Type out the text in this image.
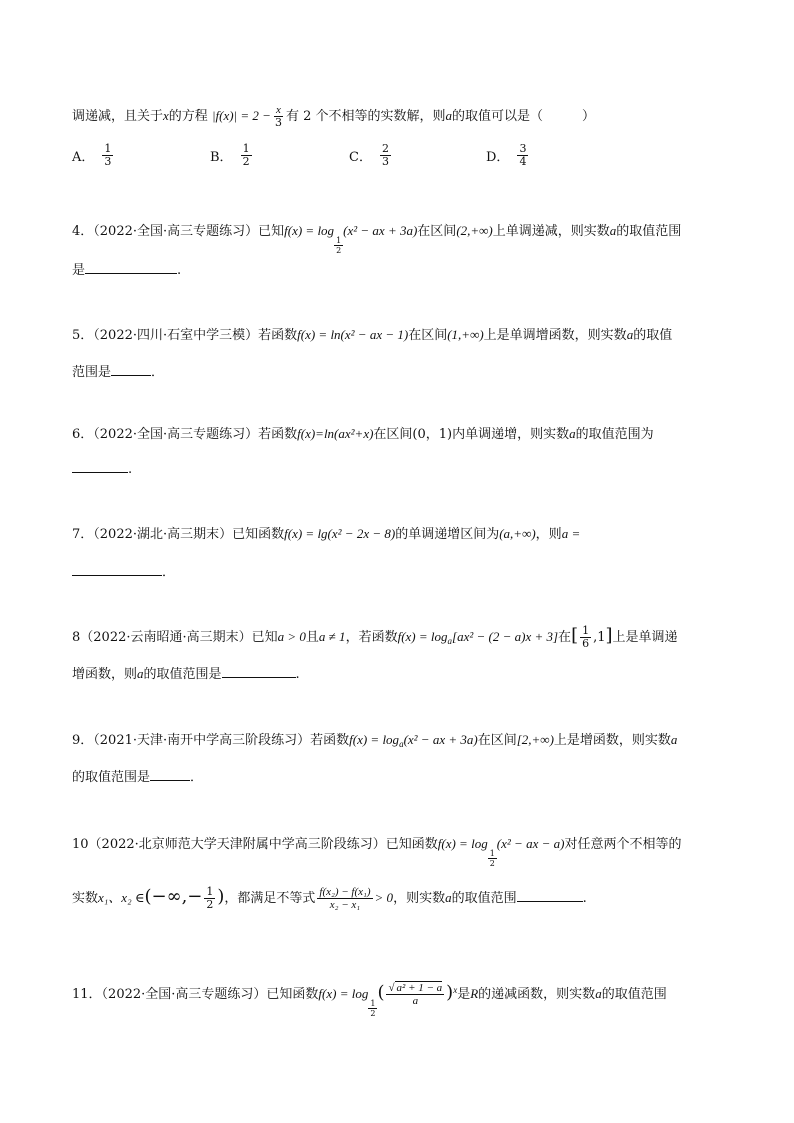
调递减，且关于x的方程 $|f(x)| = 2 - \frac{x}{3}$ 有 2 个不相等的实数解，则a的取值可以是（　　　）
A． $\frac{1}{3}$	B． $\frac{1}{2}$	C． $\frac{2}{3}$	D． $\frac{3}{4}$
4．（2022·全国·高三专题练习）已知f(x) = log
$\frac{1}{2}$
(x² − ax + 3a)在区间(2,+∞)上单调递减，则实数a的取值范围
是	.
5．（2022·四川·石室中学三模）若函数f(x) = ln(x² − ax − 1)在区间(1,+∞)上是单调增函数，则实数a的取值
范围是	．
6．（2022·全国·高三专题练习）若函数f(x)=ln(ax²+x)在区间(0，1)内单调递增，则实数a的取值范围为
.
7．（2022·湖北·高三期末）已知函数f(x) = lg(x² − 2x − 8)的单调递增区间为(a,+∞)，则a =
．
8（2022·云南昭通·高三期末）已知a > 0且a ≠ 1，若函数$f(x) = \log_a[ax^2 - (2 - a)x + 3]$在[ $\frac{1}{6} ,1$]上是单调递
增函数，则a的取值范围是	.
9．（2021·天津·南开中学高三阶段练习）若函数$f(x) = \log_a(x^2$ − ax + 3a)在区间[2,+∞)上是增函数，则实数a
的取值范围是	．
10（2022·北京师范大学天津附属中学高三阶段练习）已知函数f(x) = log
$\frac{1}{2}$
(x² − ax − a)对任意两个不相等的
实数x₁、x₂ ∈(−∞,− $\frac{1}{2}$ )，都满足不等式 $\frac{\text{f(x₂) − f(x₁)}}{\text{x₂ − x₁}} > 0$，则实数a的取值范围	.
11．（2022·全国·高三专题练习）已知函数f(x) = log
$\frac{1}{2}$
( $\frac{\text{√ a² + 1 − a}}{a} )^x$是R的递减函数，则实数a的取值范围
